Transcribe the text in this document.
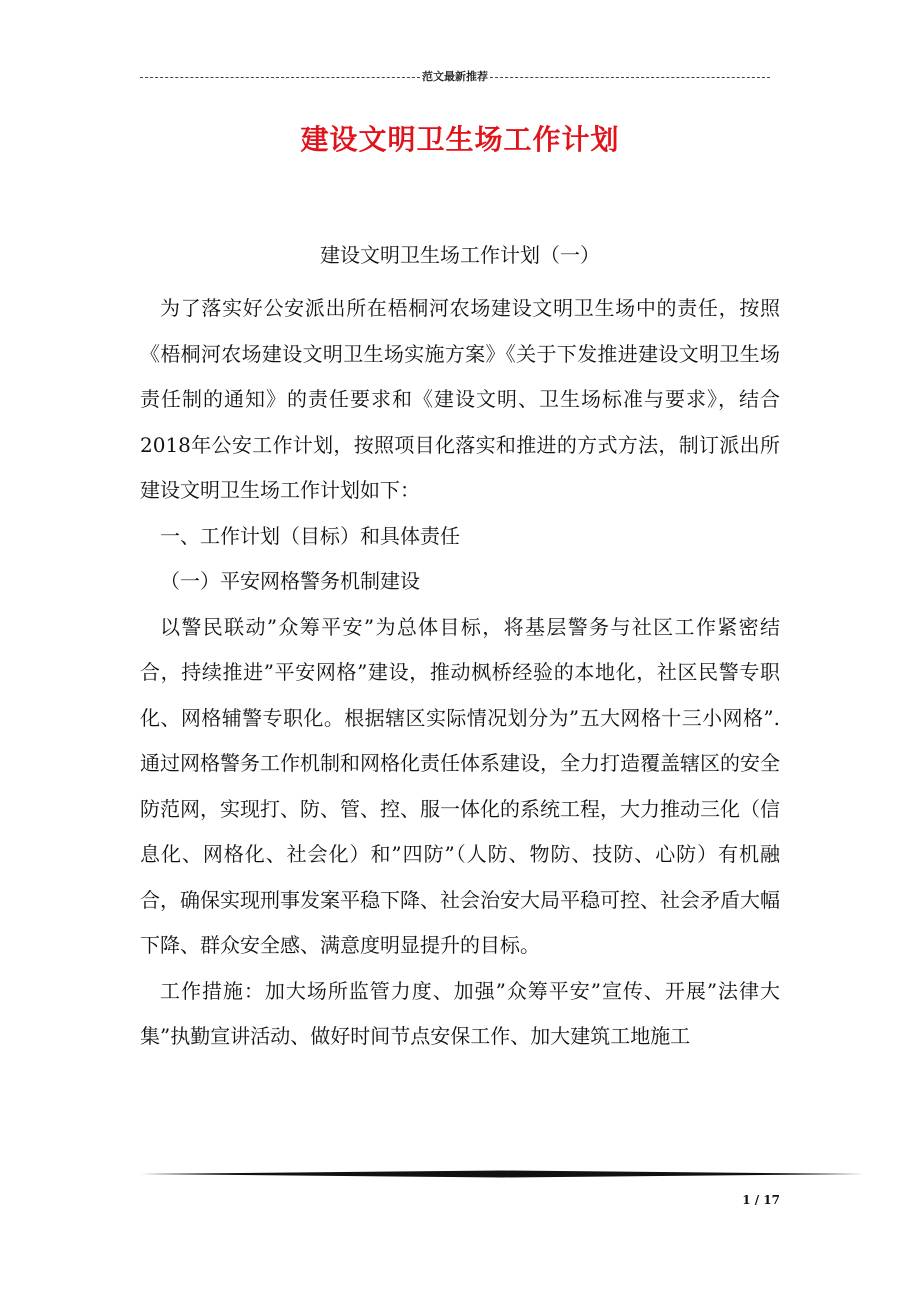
范文最新推荐
建设文明卫生场工作计划
建设文明卫生场工作计划（一）

为了落实好公安派出所在梧桐河农场建设文明卫生场中的责任，按照《梧桐河农场建设文明卫生场实施方案》《关于下发推进建设文明卫生场责任制的通知》的责任要求和《建设文明、卫生场标准与要求》，结合2018年公安工作计划，按照项目化落实和推进的方式方法，制订派出所建设文明卫生场工作计划如下：

一、工作计划（目标）和具体责任

（一）平安网格警务机制建设

以警民联动”众筹平安”为总体目标，将基层警务与社区工作紧密结合，持续推进”平安网格”建设，推动枫桥经验的本地化，社区民警专职化、网格辅警专职化。根据辖区实际情况划分为”五大网格十三小网格”.通过网格警务工作机制和网格化责任体系建设，全力打造覆盖辖区的安全防范网，实现打、防、管、控、服一体化的系统工程，大力推动三化（信息化、网格化、社会化）和”四防”（人防、物防、技防、心防）有机融合，确保实现刑事发案平稳下降、社会治安大局平稳可控、社会矛盾大幅下降、群众安全感、满意度明显提升的目标。

工作措施：加大场所监管力度、加强”众筹平安”宣传、开展”法律大集”执勤宣讲活动、做好时间节点安保工作、加大建筑工地施工

1 / 17
